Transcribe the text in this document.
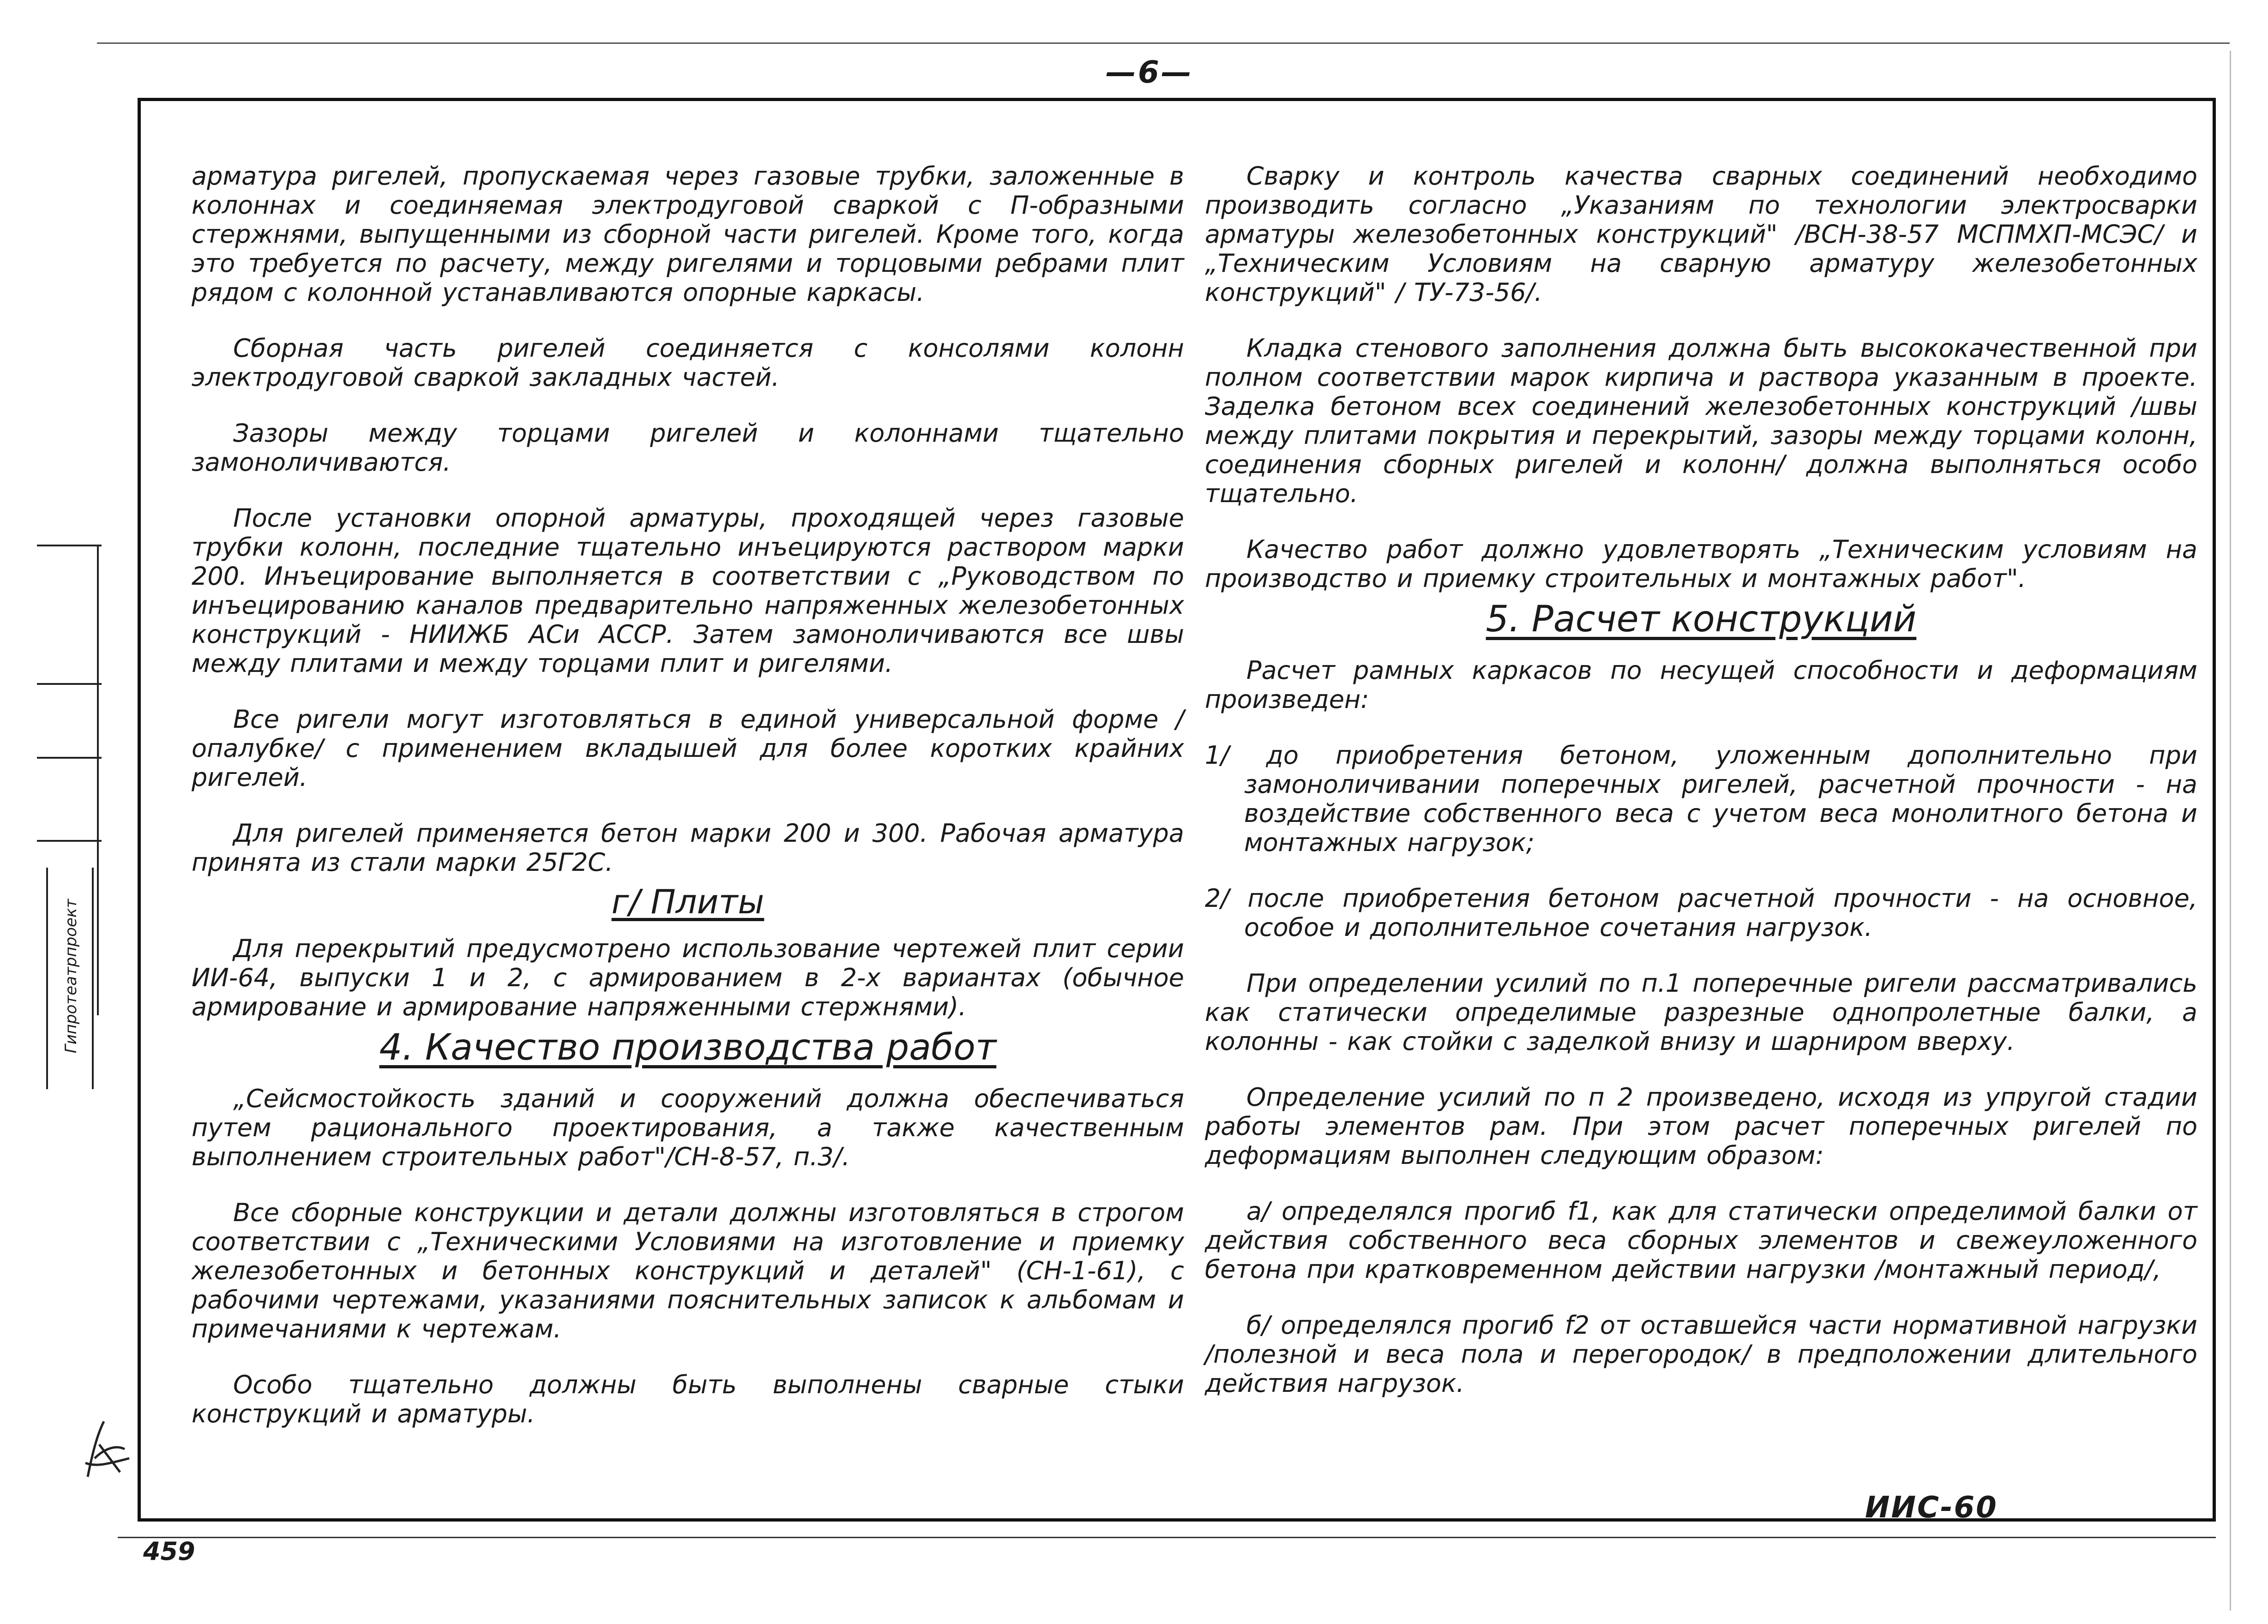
—6—
Гипротеатрпроект

арматура ригелей, пропускаемая через газовые трубки, заложенные в колоннах и соединяемая электродуговой сваркой с П-образными стержнями, выпущенными из сборной части ригелей. Кроме того, когда это требуется по расчету, между ригелями и торцовыми ребрами плит рядом с колонной устанавливаются опорные каркасы.

Сборная часть ригелей соединяется с консолями колонн электродуговой сваркой закладных частей.

Зазоры между торцами ригелей и колоннами тщательно замоноличиваются.

После установки опорной арматуры, проходящей через газовые трубки колонн, последние тщательно инъецируются раствором марки 200. Инъецирование выполняется в соответствии с „Руководством по инъецированию каналов предварительно напряженных железобетонных конструкций - НИИЖБ АСи АССР. Затем замоноличиваются все швы между плитами и между торцами плит и ригелями.

Все ригели могут изготовляться в единой универсальной форме /опалубке/ с применением вкладышей для более коротких крайних ригелей.

Для ригелей применяется бетон марки 200 и 300. Рабочая арматура принята из стали марки 25Г2С.

г/ Плиты

Для перекрытий предусмотрено использование чертежей плит серии ИИ-64, выпуски 1 и 2, с армированием в 2-х вариантах (обычное армирование и армирование напряженными стержнями).

4. Качество производства работ

„Сейсмостойкость зданий и сооружений должна обеспечиваться путем рационального проектирования, а также качественным выполнением строительных работ"/СН-8-57, п.3/.

Все сборные конструкции и детали должны изготовляться в строгом соответствии с „Техническими Условиями на изготовление и приемку железобетонных и бетонных конструкций и деталей" (СН-1-61), с рабочими чертежами, указаниями пояснительных записок к альбомам и примечаниями к чертежам.

Особо тщательно должны быть выполнены сварные стыки конструкций и арматуры.

Сварку и контроль качества сварных соединений необходимо производить согласно „Указаниям по технологии электросварки арматуры железобетонных конструкций" /ВСН-38-57 МСПМХП-МСЭС/ и „Техническим Условиям на сварную арматуру железобетонных конструкций" / ТУ-73-56/.

Кладка стенового заполнения должна быть высококачественной при полном соответствии марок кирпича и раствора указанным в проекте. Заделка бетоном всех соединений железобетонных конструкций /швы между плитами покрытия и перекрытий, зазоры между торцами колонн, соединения сборных ригелей и колонн/ должна выполняться особо тщательно.

Качество работ должно удовлетворять „Техническим условиям на производство и приемку строительных и монтажных работ".

5. Расчет конструкций

Расчет рамных каркасов по несущей способности и деформациям произведен:

1/ до приобретения бетоном, уложенным дополнительно при замоноличивании поперечных ригелей, расчетной прочности - на воздействие собственного веса с учетом веса монолитного бетона и монтажных нагрузок;

2/ после приобретения бетоном расчетной прочности - на основное, особое и дополнительное сочетания нагрузок.

При определении усилий по п.1 поперечные ригели рассматривались как статически определимые разрезные однопролетные балки, а колонны - как стойки с заделкой внизу и шарниром вверху.

Определение усилий по п 2 произведено, исходя из упругой стадии работы элементов рам. При этом расчет поперечных ригелей по деформациям выполнен следующим образом:

а/ определялся прогиб f1, как для статически определимой балки от действия собственного веса сборных элементов и свежеуложенного бетона при кратковременном действии нагрузки /монтажный период/,

б/ определялся прогиб f2 от оставшейся части нормативной нагрузки /полезной и веса пола и перегородок/ в предположении длительного действия нагрузок.

ИИС-60
459
